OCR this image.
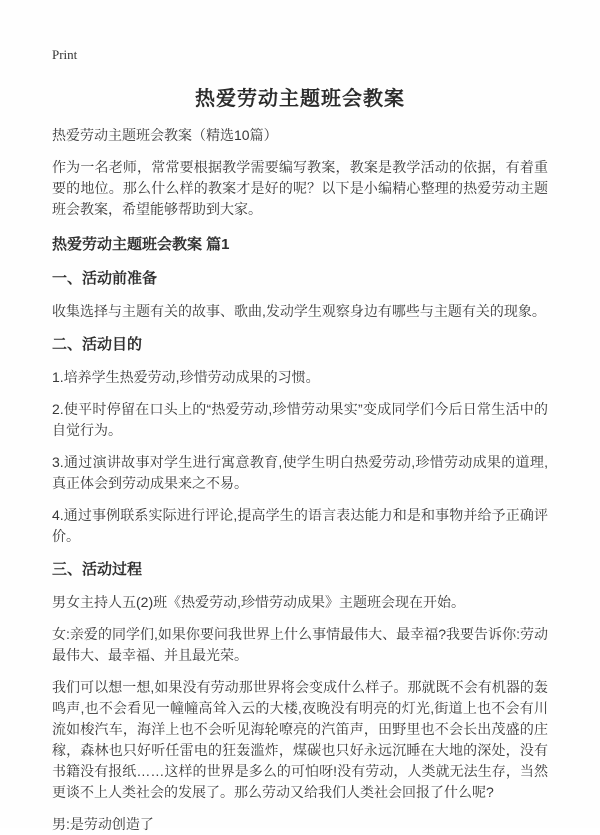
Print
热爱劳动主题班会教案

热爱劳动主题班会教案（精选10篇）

作为一名老师，常常要根据教学需要编写教案，教案是教学活动的依据，有着重要的地位。那么什么样的教案才是好的呢？以下是小编精心整理的热爱劳动主题班会教案，希望能够帮助到大家。

热爱劳动主题班会教案 篇1
一、活动前准备

收集选择与主题有关的故事、歌曲,发动学生观察身边有哪些与主题有关的现象。

二、活动目的

1.培养学生热爱劳动,珍惜劳动成果的习惯。

2.使平时停留在口头上的“热爱劳动,珍惜劳动果实”变成同学们今后日常生活中的自觉行为。

3.通过演讲故事对学生进行寓意教育,使学生明白热爱劳动,珍惜劳动成果的道理,真正体会到劳动成果来之不易。

4.通过事例联系实际进行评论,提高学生的语言表达能力和是和事物并给予正确评价。

三、活动过程

男女主持人五(2)班《热爱劳动,珍惜劳动成果》主题班会现在开始。

女:亲爱的同学们,如果你要问我世界上什么事情最伟大、最幸福?我要告诉你:劳动最伟大、最幸福、并且最光荣。

我们可以想一想,如果没有劳动那世界将会变成什么样子。那就既不会有机器的轰鸣声,也不会看见一幢幢高耸入云的大楼,夜晚没有明亮的灯光,街道上也不会有川流如梭汽车，海洋上也不会听见海轮嘹亮的汽笛声，田野里也不会长出茂盛的庄稼，森林也只好听任雷电的狂轰滥炸，煤碳也只好永远沉睡在大地的深处，没有书籍没有报纸……这样的世界是多么的可怕呀!没有劳动，人类就无法生存，当然更谈不上人类社会的发展了。那么劳动又给我们人类社会回报了什么呢?

男:是劳动创造了
